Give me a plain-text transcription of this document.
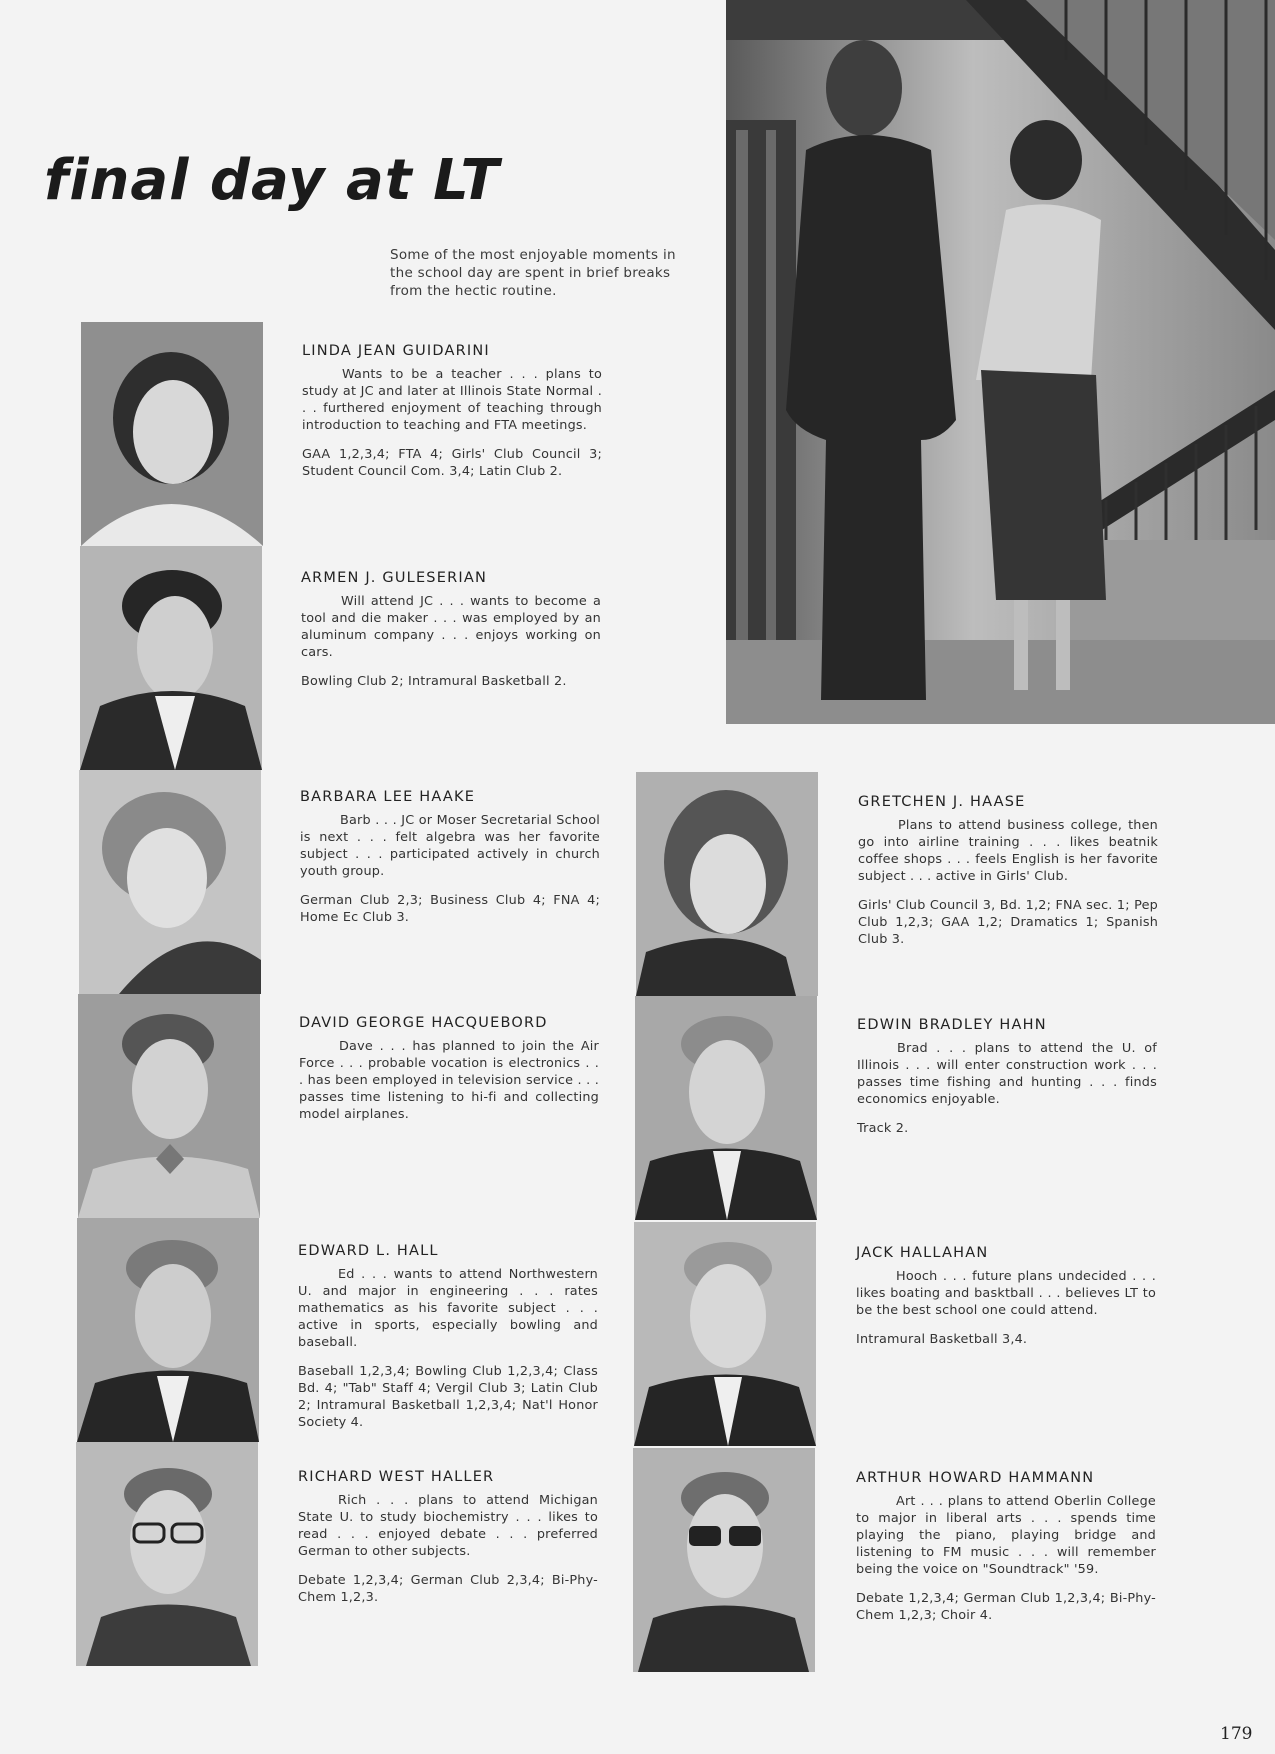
final day at LT

Some of the most enjoyable moments in the school day are spent in brief breaks from the hectic routine.

LINDA JEAN GUIDARINI
Wants to be a teacher . . . plans to study at JC and later at Illinois State Normal . . . furthered enjoyment of teaching through introduction to teaching and FTA meetings.
GAA 1,2,3,4; FTA 4; Girls' Club Council 3; Student Council Com. 3,4; Latin Club 2.
ARMEN J. GULESERIAN
Will attend JC . . . wants to become a tool and die maker . . . was employed by an aluminum company . . . enjoys working on cars.
Bowling Club 2; Intramural Basketball 2.
BARBARA LEE HAAKE
Barb . . . JC or Moser Secretarial School is next . . . felt algebra was her favorite subject . . . participated actively in church youth group.
German Club 2,3; Business Club 4; FNA 4; Home Ec Club 3.
DAVID GEORGE HACQUEBORD
Dave . . . has planned to join the Air Force . . . probable vocation is electronics . . . has been employed in television service . . . passes time listening to hi-fi and collecting model airplanes.
EDWARD L. HALL
Ed . . . wants to attend Northwestern U. and major in engineering . . . rates mathematics as his favorite subject . . . active in sports, especially bowling and baseball.
Baseball 1,2,3,4; Bowling Club 1,2,3,4; Class Bd. 4; "Tab" Staff 4; Vergil Club 3; Latin Club 2; Intramural Basketball 1,2,3,4; Nat'l Honor Society 4.
RICHARD WEST HALLER
Rich . . . plans to attend Michigan State U. to study biochemistry . . . likes to read . . . enjoyed debate . . . preferred German to other subjects.
Debate 1,2,3,4; German Club 2,3,4; Bi-Phy-Chem 1,2,3.
GRETCHEN J. HAASE
Plans to attend business college, then go into airline training . . . likes beatnik coffee shops . . . feels English is her favorite subject . . . active in Girls' Club.
Girls' Club Council 3, Bd. 1,2; FNA sec. 1; Pep Club 1,2,3; GAA 1,2; Dramatics 1; Spanish Club 3.
EDWIN BRADLEY HAHN
Brad . . . plans to attend the U. of Illinois . . . will enter construction work . . . passes time fishing and hunting . . . finds economics enjoyable.
Track 2.
JACK HALLAHAN
Hooch . . . future plans undecided . . . likes boating and basktball . . . believes LT to be the best school one could attend.
Intramural Basketball 3,4.
ARTHUR HOWARD HAMMANN
Art . . . plans to attend Oberlin College to major in liberal arts . . . spends time playing the piano, playing bridge and listening to FM music . . . will remember being the voice on "Soundtrack" '59.
Debate 1,2,3,4; German Club 1,2,3,4; Bi-Phy-Chem 1,2,3; Choir 4.
179
